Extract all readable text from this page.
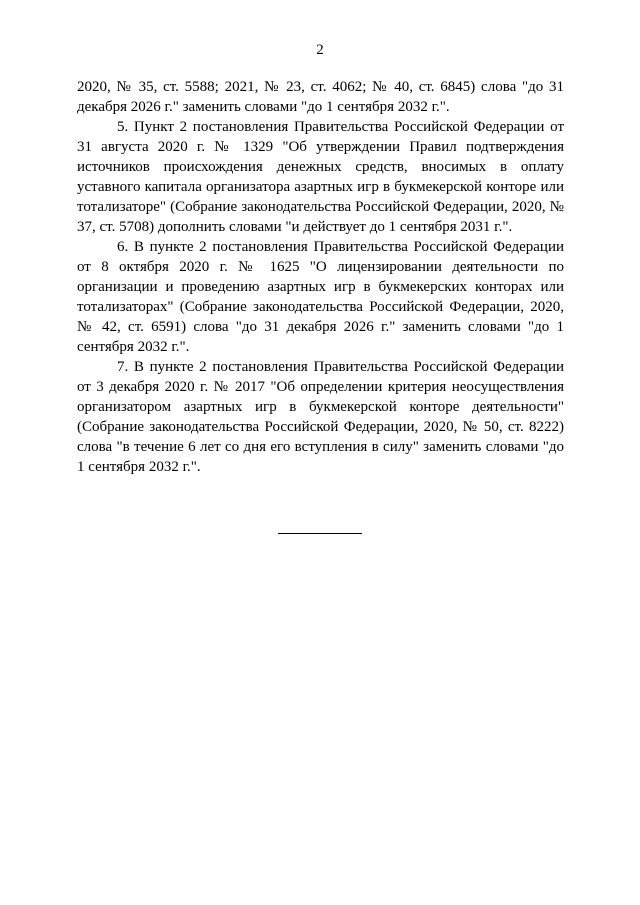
2

2020, № 35, ст. 5588; 2021, № 23, ст. 4062; № 40, ст. 6845) слова "до 31 декабря 2026 г." заменить словами "до 1 сентября 2032 г.".

5. Пункт 2 постановления Правительства Российской Федерации от 31 августа 2020 г. № 1329 "Об утверждении Правил подтверждения источников происхождения денежных средств, вносимых в оплату уставного капитала организатора азартных игр в букмекерской конторе или тотализаторе" (Собрание законодательства Российской Федерации, 2020, № 37, ст. 5708) дополнить словами "и действует до 1 сентября 2031 г.".

6. В пункте 2 постановления Правительства Российской Федерации от 8 октября 2020 г. № 1625 "О лицензировании деятельности по организации и проведению азартных игр в букмекерских конторах или тотализаторах" (Собрание законодательства Российской Федерации, 2020, № 42, ст. 6591) слова "до 31 декабря 2026 г." заменить словами "до 1 сентября 2032 г.".

7. В пункте 2 постановления Правительства Российской Федерации от 3 декабря 2020 г. № 2017 "Об определении критерия неосуществления организатором азартных игр в букмекерской конторе деятельности" (Собрание законодательства Российской Федерации, 2020, № 50, ст. 8222) слова "в течение 6 лет со дня его вступления в силу" заменить словами "до 1 сентября 2032 г.".
